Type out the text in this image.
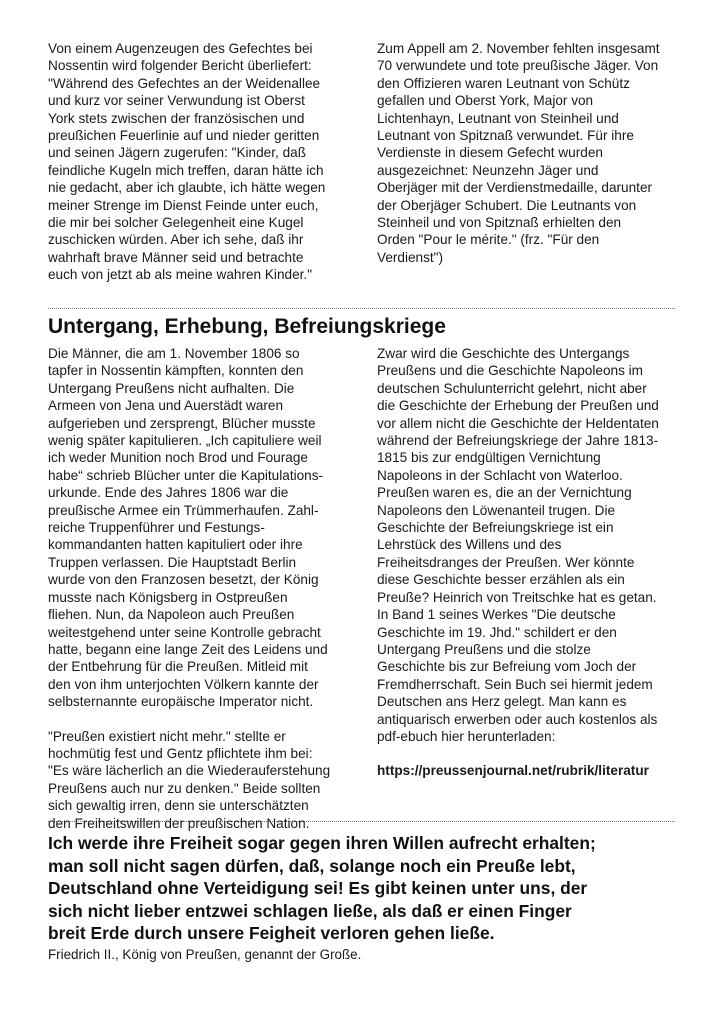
Von einem Augenzeugen des Gefechtes bei
Nossentin wird folgender Bericht überliefert:
"Während des Gefechtes an der Weidenallee
und kurz vor seiner Verwundung ist Oberst
York stets zwischen der französischen und
preußichen Feuerlinie auf und nieder geritten
und seinen Jägern zugerufen: "Kinder, daß
feindliche Kugeln mich treffen, daran hätte ich
nie gedacht, aber ich glaubte, ich hätte wegen
meiner Strenge im Dienst Feinde unter euch,
die mir bei solcher Gelegenheit eine Kugel
zuschicken würden. Aber ich sehe, daß ihr
wahrhaft brave Männer seid und betrachte
euch von jetzt ab als meine wahren Kinder."

Zum Appell am 2. November fehlten insgesamt
70 verwundete und tote preußische Jäger. Von
den Offizieren waren Leutnant von Schütz
gefallen und Oberst York, Major von
Lichtenhayn, Leutnant von Steinheil und
Leutnant von Spitznaß verwundet. Für ihre
Verdienste in diesem Gefecht wurden
ausgezeichnet: Neunzehn Jäger und
Oberjäger mit der Verdienstmedaille, darunter
der Oberjäger Schubert. Die Leutnants von
Steinheil und von Spitznaß erhielten den
Orden "Pour le mérite." (frz. "Für den
Verdienst")

Untergang, Erhebung, Befreiungskriege

Die Männer, die am 1. November 1806 so
tapfer in Nossentin kämpften, konnten den
Untergang Preußens nicht aufhalten. Die
Armeen von Jena und Auerstädt waren
aufgerieben und zersprengt, Blücher musste
wenig später kapitulieren. „Ich capituliere weil
ich weder Munition noch Brod und Fourage
habe“ schrieb Blücher unter die Kapitulations-
urkunde. Ende des Jahres 1806 war die
preußische Armee ein Trümmerhaufen. Zahl-
reiche Truppenführer und Festungs-
kommandanten hatten kapituliert oder ihre
Truppen verlassen. Die Hauptstadt Berlin
wurde von den Franzosen besetzt, der König
musste nach Königsberg in Ostpreußen
fliehen. Nun, da Napoleon auch Preußen
weitestgehend unter seine Kontrolle gebracht
hatte, begann eine lange Zeit des Leidens und
der Entbehrung für die Preußen. Mitleid mit
den von ihm unterjochten Völkern kannte der
selbsternannte europäische Imperator nicht.

"Preußen existiert nicht mehr." stellte er
hochmütig fest und Gentz pflichtete ihm bei:
"Es wäre lächerlich an die Wiederauferstehung
Preußens auch nur zu denken." Beide sollten
sich gewaltig irren, denn sie unterschätzten
den Freiheitswillen der preußischen Nation.

Zwar wird die Geschichte des Untergangs
Preußens und die Geschichte Napoleons im
deutschen Schulunterricht gelehrt, nicht aber
die Geschichte der Erhebung der Preußen und
vor allem nicht die Geschichte der Heldentaten
während der Befreiungskriege der Jahre 1813-
1815 bis zur endgültigen Vernichtung
Napoleons in der Schlacht von Waterloo.
Preußen waren es, die an der Vernichtung
Napoleons den Löwenanteil trugen. Die
Geschichte der Befreiungskriege ist ein
Lehrstück des Willens und des
Freiheitsdranges der Preußen. Wer könnte
diese Geschichte besser erzählen als ein
Preuße? Heinrich von Treitschke hat es getan.
In Band 1 seines Werkes "Die deutsche
Geschichte im 19. Jhd." schildert er den
Untergang Preußens und die stolze
Geschichte bis zur Befreiung vom Joch der
Fremdherrschaft. Sein Buch sei hiermit jedem
Deutschen ans Herz gelegt. Man kann es
antiquarisch erwerben oder auch kostenlos als
pdf-ebuch hier herunterladen:

https://preussenjournal.net/rubrik/literatur

Ich werde ihre Freiheit sogar gegen ihren Willen aufrecht erhalten;
man soll nicht sagen dürfen, daß, solange noch ein Preuße lebt,
Deutschland ohne Verteidigung sei! Es gibt keinen unter uns, der
sich nicht lieber entzwei schlagen ließe, als daß er einen Finger
breit Erde durch unsere Feigheit verloren gehen ließe.

Friedrich II., König von Preußen, genannt der Große.
